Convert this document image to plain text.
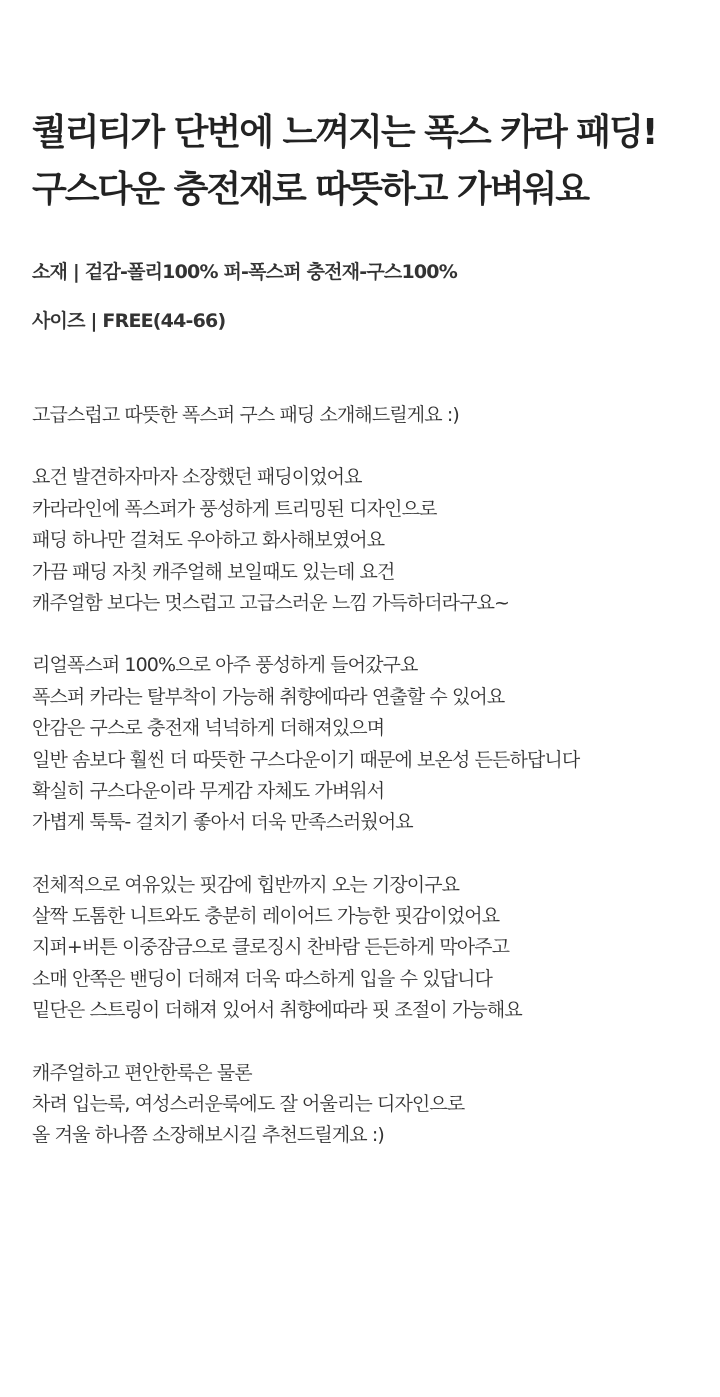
퀄리티가 단번에 느껴지는 폭스 카라 패딩!
구스다운 충전재로 따뜻하고 가벼워요
소재 | 겉감-폴리100% 퍼-폭스퍼 충전재-구스100%
사이즈 | FREE(44-66)
고급스럽고 따뜻한 폭스퍼 구스 패딩 소개해드릴게요 :)
요건 발견하자마자 소장했던 패딩이었어요
카라라인에 폭스퍼가 풍성하게 트리밍된 디자인으로
패딩 하나만 걸쳐도 우아하고 화사해보였어요
가끔 패딩 자칫 캐주얼해 보일때도 있는데 요건
캐주얼함 보다는 멋스럽고 고급스러운 느낌 가득하더라구요~
리얼폭스퍼 100%으로 아주 풍성하게 들어갔구요
폭스퍼 카라는 탈부착이 가능해 취향에따라 연출할 수 있어요
안감은 구스로 충전재 넉넉하게 더해져있으며
일반 솜보다 훨씬 더 따뜻한 구스다운이기 때문에 보온성 든든하답니다
확실히 구스다운이라 무게감 자체도 가벼워서
가볍게 툭툭- 걸치기 좋아서 더욱 만족스러웠어요
전체적으로 여유있는 핏감에 힙반까지 오는 기장이구요
살짝 도톰한 니트와도 충분히 레이어드 가능한 핏감이었어요
지퍼+버튼 이중잠금으로 클로징시 찬바람 든든하게 막아주고
소매 안쪽은 밴딩이 더해져 더욱 따스하게 입을 수 있답니다
밑단은 스트링이 더해져 있어서 취향에따라 핏 조절이 가능해요
캐주얼하고 편안한룩은 물론
차려 입는룩, 여성스러운룩에도 잘 어울리는 디자인으로
올 겨울 하나쯤 소장해보시길 추천드릴게요 :)
